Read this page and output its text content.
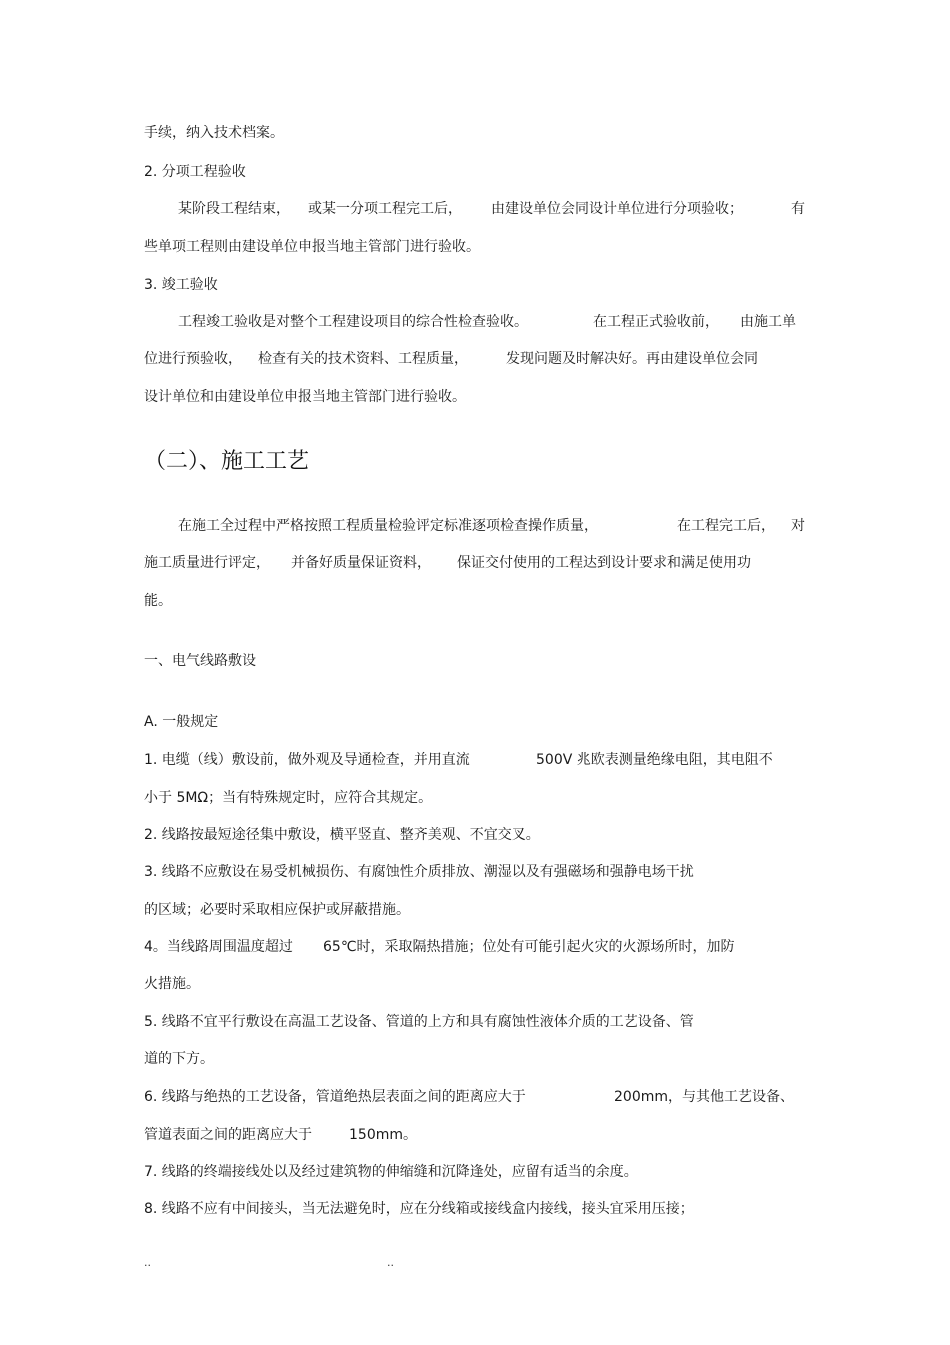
手续，纳入技术档案。
2. 分项工程验收
某阶段工程结束， 或某一分项工程完工后， 由建设单位会同设计单位进行分项验收；	有
些单项工程则由建设单位申报当地主管部门进行验收。
3. 竣工验收
工程竣工验收是对整个工程建设项目的综合性检查验收。	在工程正式验收前， 由施工单
位进行预验收， 检查有关的技术资料、工程质量，	发现问题及时解决好。再由建设单位会同
设计单位和由建设单位申报当地主管部门进行验收。
（二）、施工工艺
在施工全过程中严格按照工程质量检验评定标准逐项检查操作质量，	在工程完工后， 对
施工质量进行评定， 并备好质量保证资料， 保证交付使用的工程达到设计要求和满足使用功
能。
一、电气线路敷设
A. 一般规定
1. 电缆（线）敷设前，做外观及导通检查，并用直流	500V 兆欧表测量绝缘电阻，其电阻不
小于 5MΩ；当有特殊规定时，应符合其规定。
2. 线路按最短途径集中敷设，横平竖直、整齐美观、不宜交叉。
3. 线路不应敷设在易受机械损伤、有腐蚀性介质排放、潮湿以及有强磁场和强静电场干扰
的区域；必要时采取相应保护或屏蔽措施。
4。当线路周围温度超过 65℃时，采取隔热措施；位处有可能引起火灾的火源场所时，加防
火措施。
5. 线路不宜平行敷设在高温工艺设备、管道的上方和具有腐蚀性液体介质的工艺设备、管
道的下方。
6. 线路与绝热的工艺设备，管道绝热层表面之间的距离应大于	200mm，与其他工艺设备、
管道表面之间的距离应大于	150mm。
7. 线路的终端接线处以及经过建筑物的伸缩缝和沉降逢处，应留有适当的余度。
8. 线路不应有中间接头，当无法避免时，应在分线箱或接线盒内接线，接头宜采用压接；
..	..
